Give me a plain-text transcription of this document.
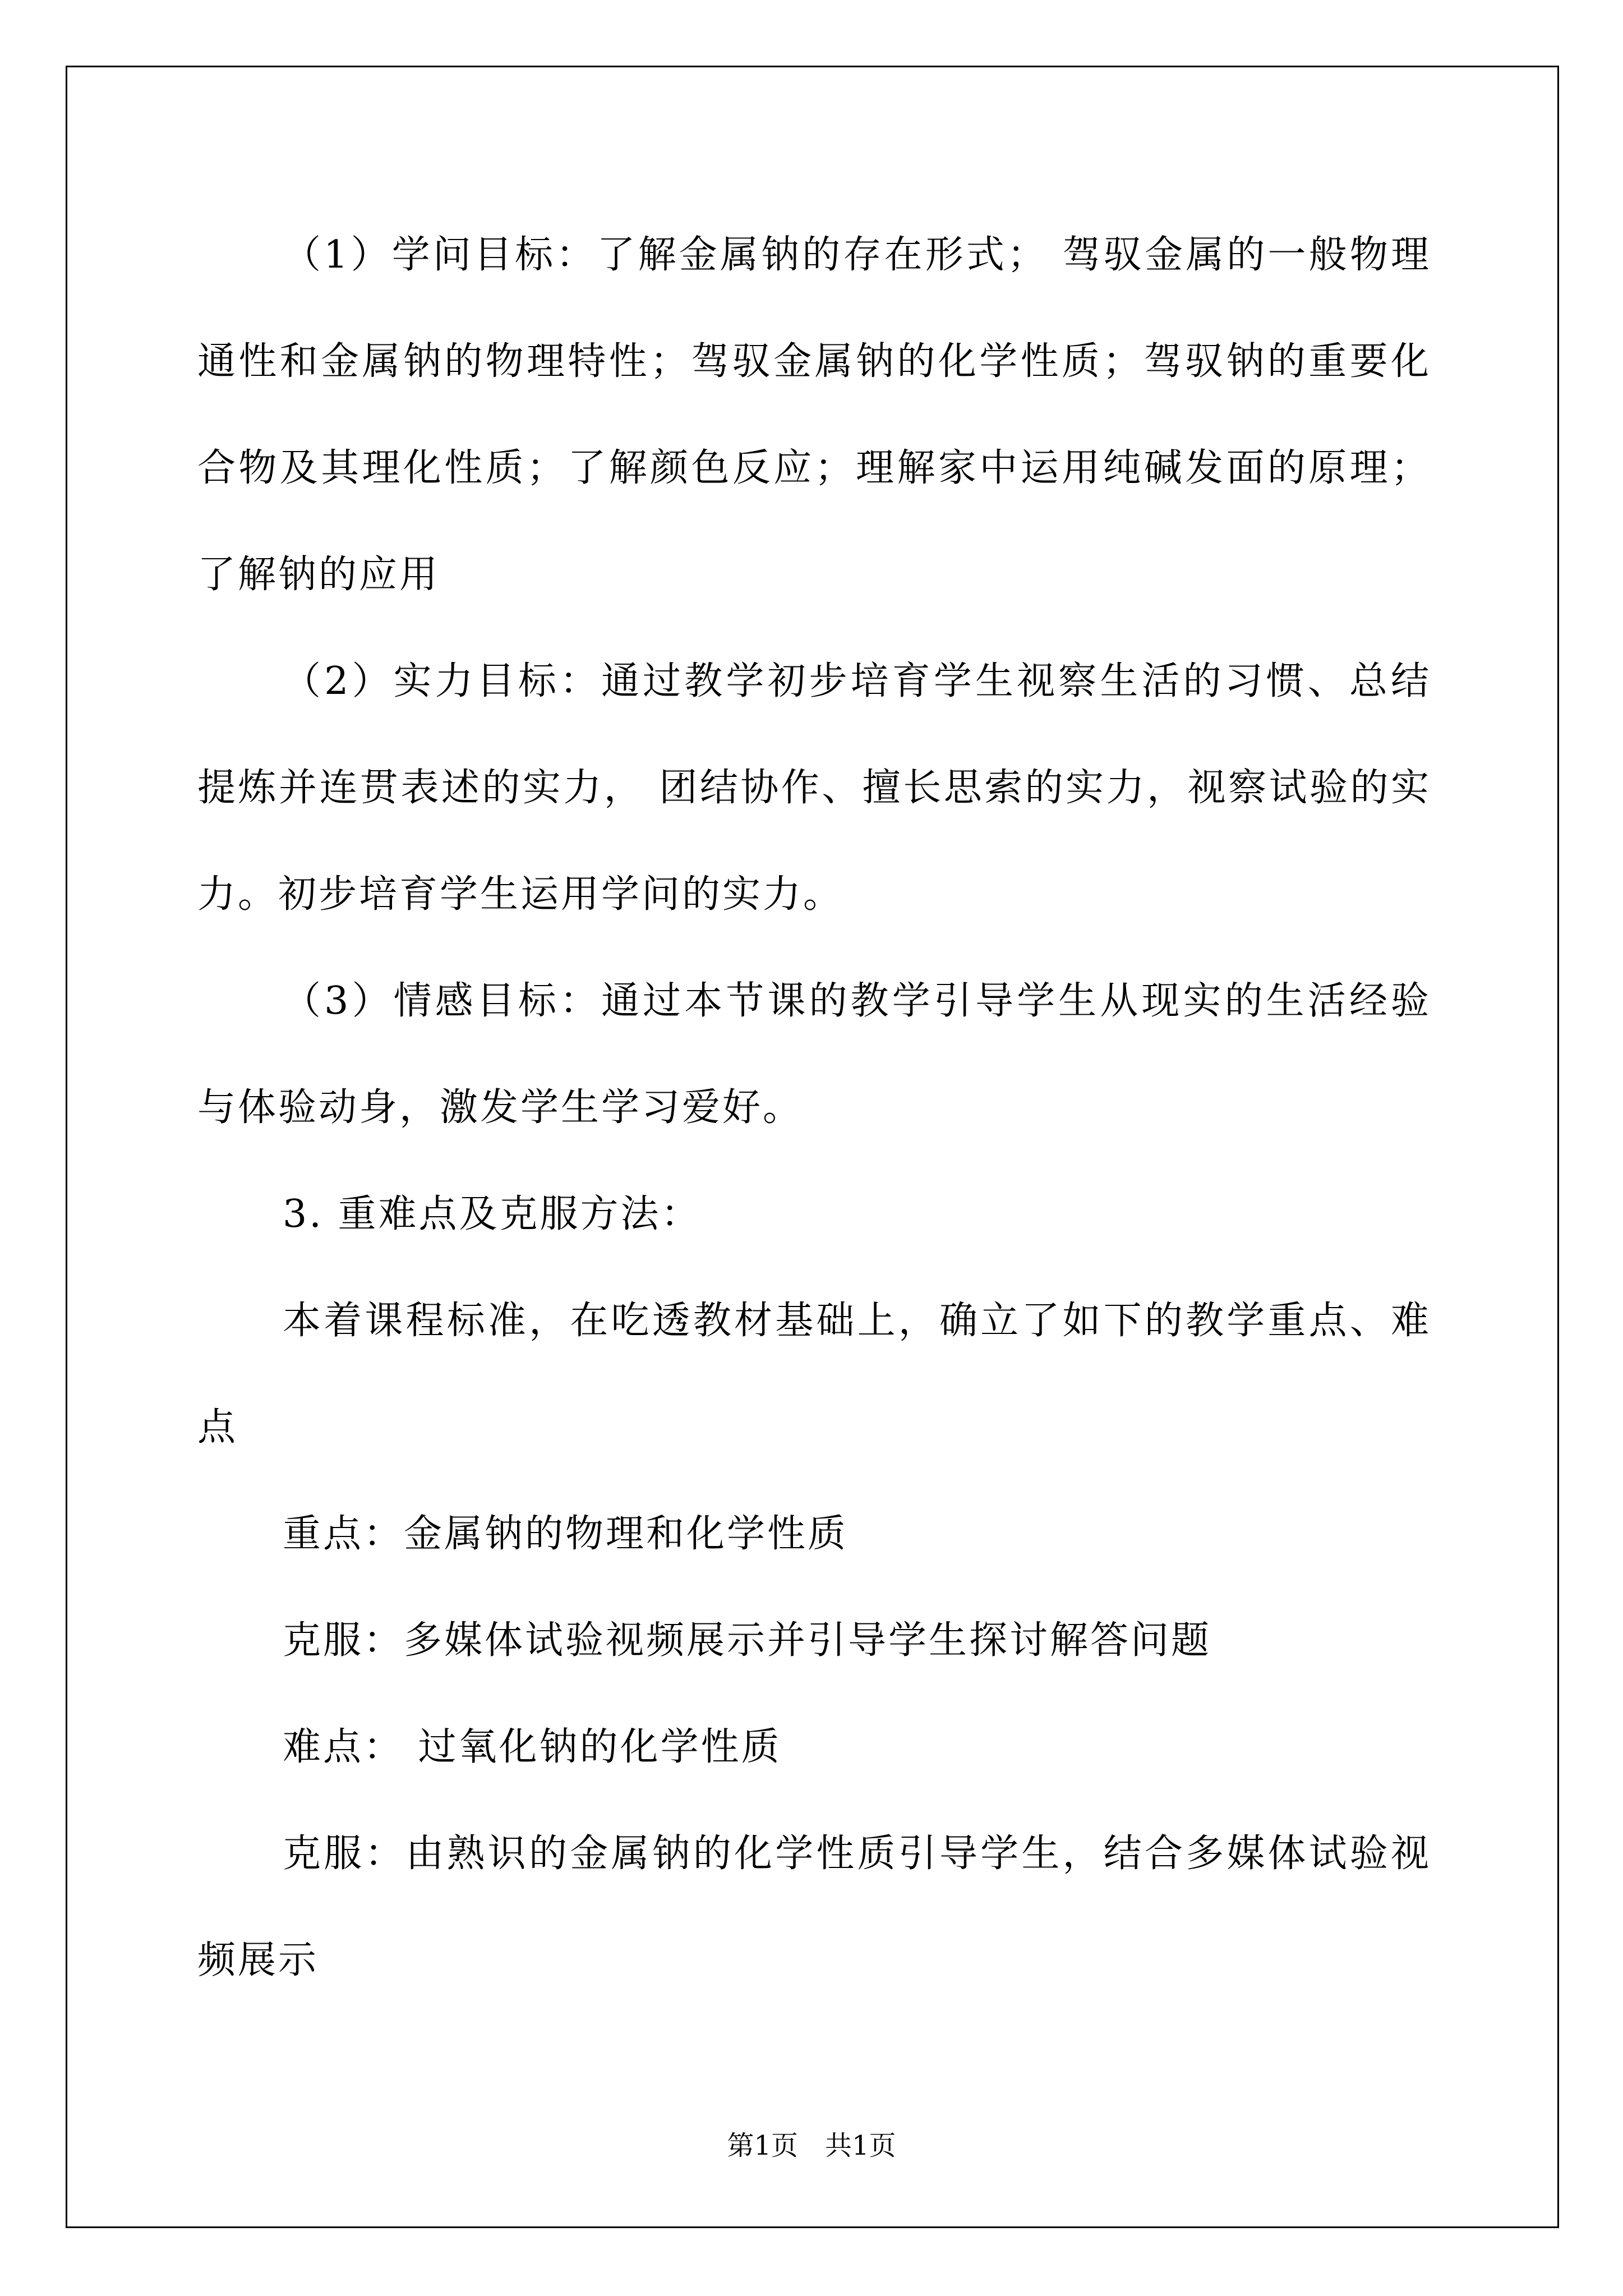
（1）学问目标：了解金属钠的存在形式； 驾驭金属的一般物理通性和金属钠的物理特性；驾驭金属钠的化学性质；驾驭钠的重要化合物及其理化性质；了解颜色反应；理解家中运用纯碱发面的原理；了解钠的应用

（2）实力目标：通过教学初步培育学生视察生活的习惯、总结提炼并连贯表述的实力， 团结协作、擅长思索的实力，视察试验的实力。初步培育学生运用学问的实力。

（3）情感目标：通过本节课的教学引导学生从现实的生活经验与体验动身，激发学生学习爱好。

3. 重难点及克服方法：

本着课程标准，在吃透教材基础上，确立了如下的教学重点、难点

重点：金属钠的物理和化学性质

克服：多媒体试验视频展示并引导学生探讨解答问题

难点： 过氧化钠的化学性质

克服：由熟识的金属钠的化学性质引导学生，结合多媒体试验视频展示

第1页　共1页
